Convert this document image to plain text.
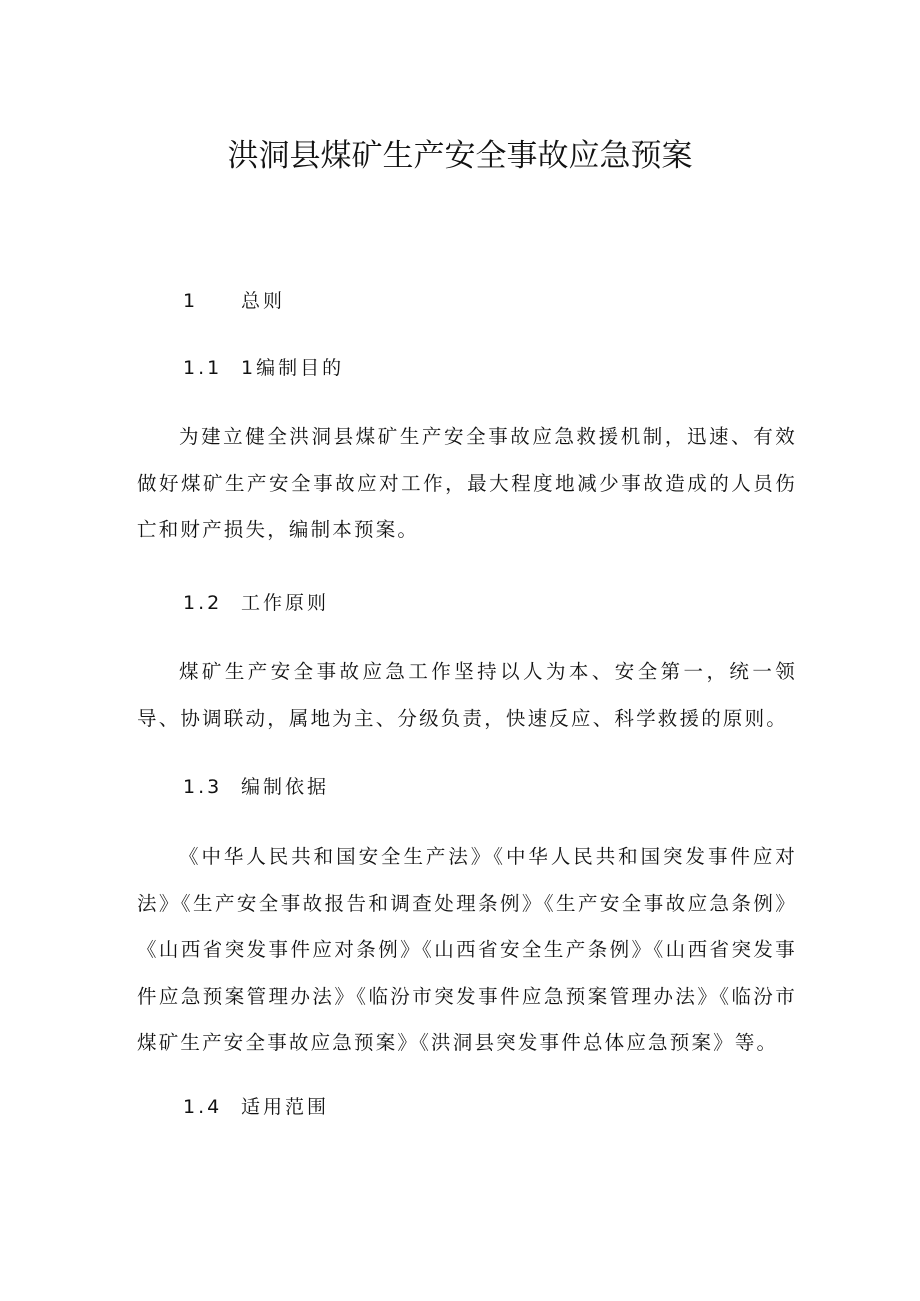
洪洞县煤矿生产安全事故应急预案
1 总则
1.1 1编制目的
为建立健全洪洞县煤矿生产安全事故应急救援机制，迅速、有效做好煤矿生产安全事故应对工作，最大程度地减少事故造成的人员伤亡和财产损失，编制本预案。
1.2 工作原则
煤矿生产安全事故应急工作坚持以人为本、安全第一，统一领导、协调联动，属地为主、分级负责，快速反应、科学救援的原则。
1.3 编制依据
《中华人民共和国安全生产法》《中华人民共和国突发事件应对法》《生产安全事故报告和调查处理条例》《生产安全事故应急条例》《山西省突发事件应对条例》《山西省安全生产条例》《山西省突发事件应急预案管理办法》《临汾市突发事件应急预案管理办法》《临汾市煤矿生产安全事故应急预案》《洪洞县突发事件总体应急预案》等。
1.4 适用范围
